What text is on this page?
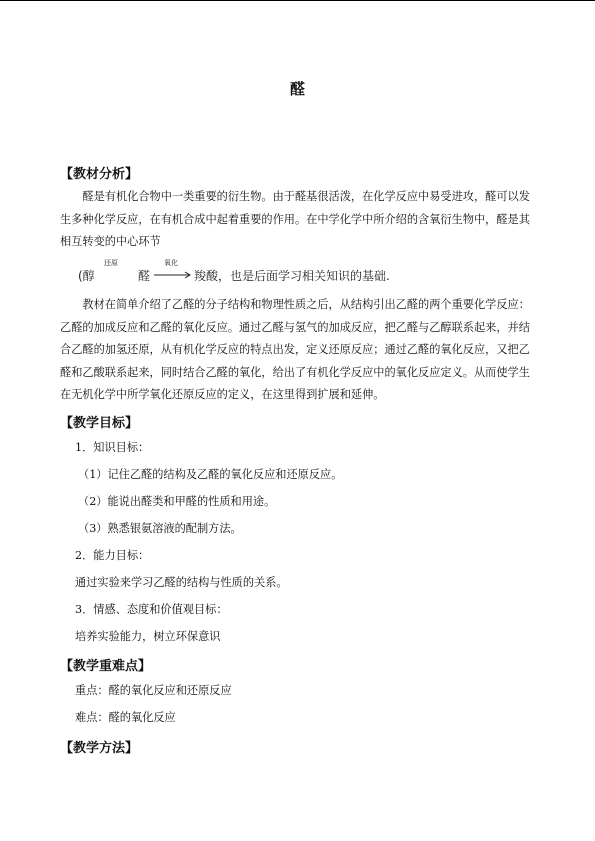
醛
【教材分析】
醛是有机化合物中一类重要的衍生物。由于醛基很活泼，在化学反应中易受进攻，醛可以发生多种化学反应，在有机合成中起着重要的作用。在中学化学中所介绍的含氧衍生物中，醛是其相互转变的中心环节
(醇
还原
醛
氧化
羧酸，也是后面学习相关知识的基础.
教材在简单介绍了乙醛的分子结构和物理性质之后，从结构引出乙醛的两个重要化学反应：乙醛的加成反应和乙醛的氧化反应。通过乙醛与氢气的加成反应，把乙醛与乙醇联系起来，并结合乙醛的加氢还原，从有机化学反应的特点出发，定义还原反应；通过乙醛的氧化反应，又把乙醛和乙酸联系起来，同时结合乙醛的氧化，给出了有机化学反应中的氧化反应定义。从而使学生在无机化学中所学氧化还原反应的定义，在这里得到扩展和延伸。
【教学目标】
1．知识目标：
（1）记住乙醛的结构及乙醛的氧化反应和还原反应。
（2）能说出醛类和甲醛的性质和用途。
（3）熟悉银氨溶液的配制方法。
2．能力目标：
通过实验来学习乙醛的结构与性质的关系。
3．情感、态度和价值观目标：
培养实验能力，树立环保意识
【教学重难点】
重点：醛的氧化反应和还原反应
难点：醛的氧化反应
【教学方法】
